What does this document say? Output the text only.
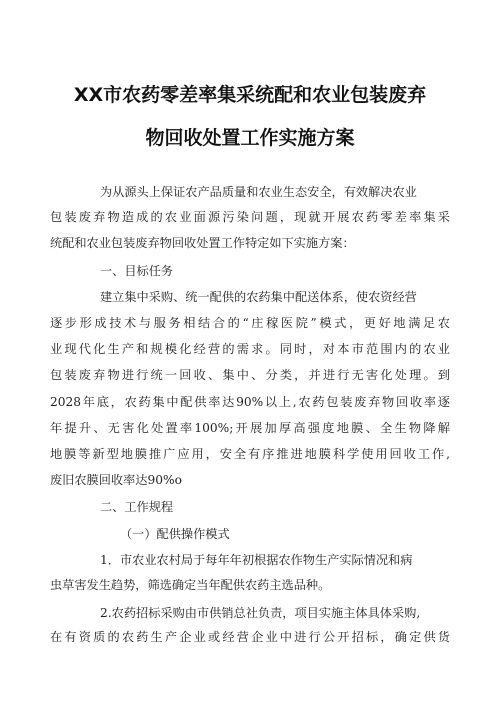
XX市农药零差率集采统配和农业包装废弃
物回收处置工作实施方案
为从源头上保证农产品质量和农业生态安全，有效解决农业
包装废弃物造成的农业面源污染问题，现就开展农药零差率集采
统配和农业包装废弃物回收处置工作特定如下实施方案：
一、目标任务
建立集中采购、统一配供的农药集中配送体系，使农资经营
逐步形成技术与服务相结合的“庄稼医院”模式，更好地满足农
业现代化生产和规模化经营的需求。同时，对本市范围内的农业
包装废弃物进行统一回收、集中、分类，并进行无害化处理。到
2028年底，农药集中配供率达90%以上,农药包装废弃物回收率逐
年提升、无害化处置率100%;开展加厚高强度地膜、全生物降解
地膜等新型地膜推广应用，安全有序推进地膜科学使用回收工作,
废旧农膜回收率达90%o
二、工作规程
（一）配供操作模式
1．市农业农村局于每年年初根据农作物生产实际情况和病
虫草害发生趋势，筛选确定当年配供农药主选品种。
2.农药招标采购由市供销总社负责，项目实施主体具体采购,
在有资质的农药生产企业或经营企业中进行公开招标，确定供货
